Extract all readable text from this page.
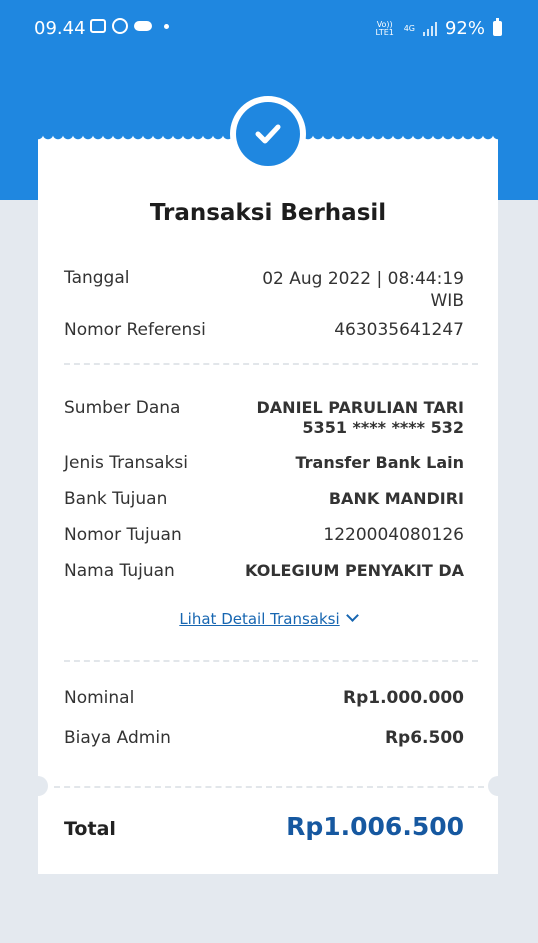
09.44	Vo)) LTE1 4G 92%
Transaksi Berhasil
Tanggal	02 Aug 2022 | 08:44:19
WIB
Nomor Referensi	463035641247
Sumber Dana	DANIEL PARULIAN TARI
5351 **** **** 532
Jenis Transaksi	Transfer Bank Lain
Bank Tujuan	BANK MANDIRI
Nomor Tujuan	1220004080126
Nama Tujuan	KOLEGIUM PENYAKIT DA
Lihat Detail Transaksi
Nominal	Rp1.000.000
Biaya Admin	Rp6.500
Total	Rp1.006.500
